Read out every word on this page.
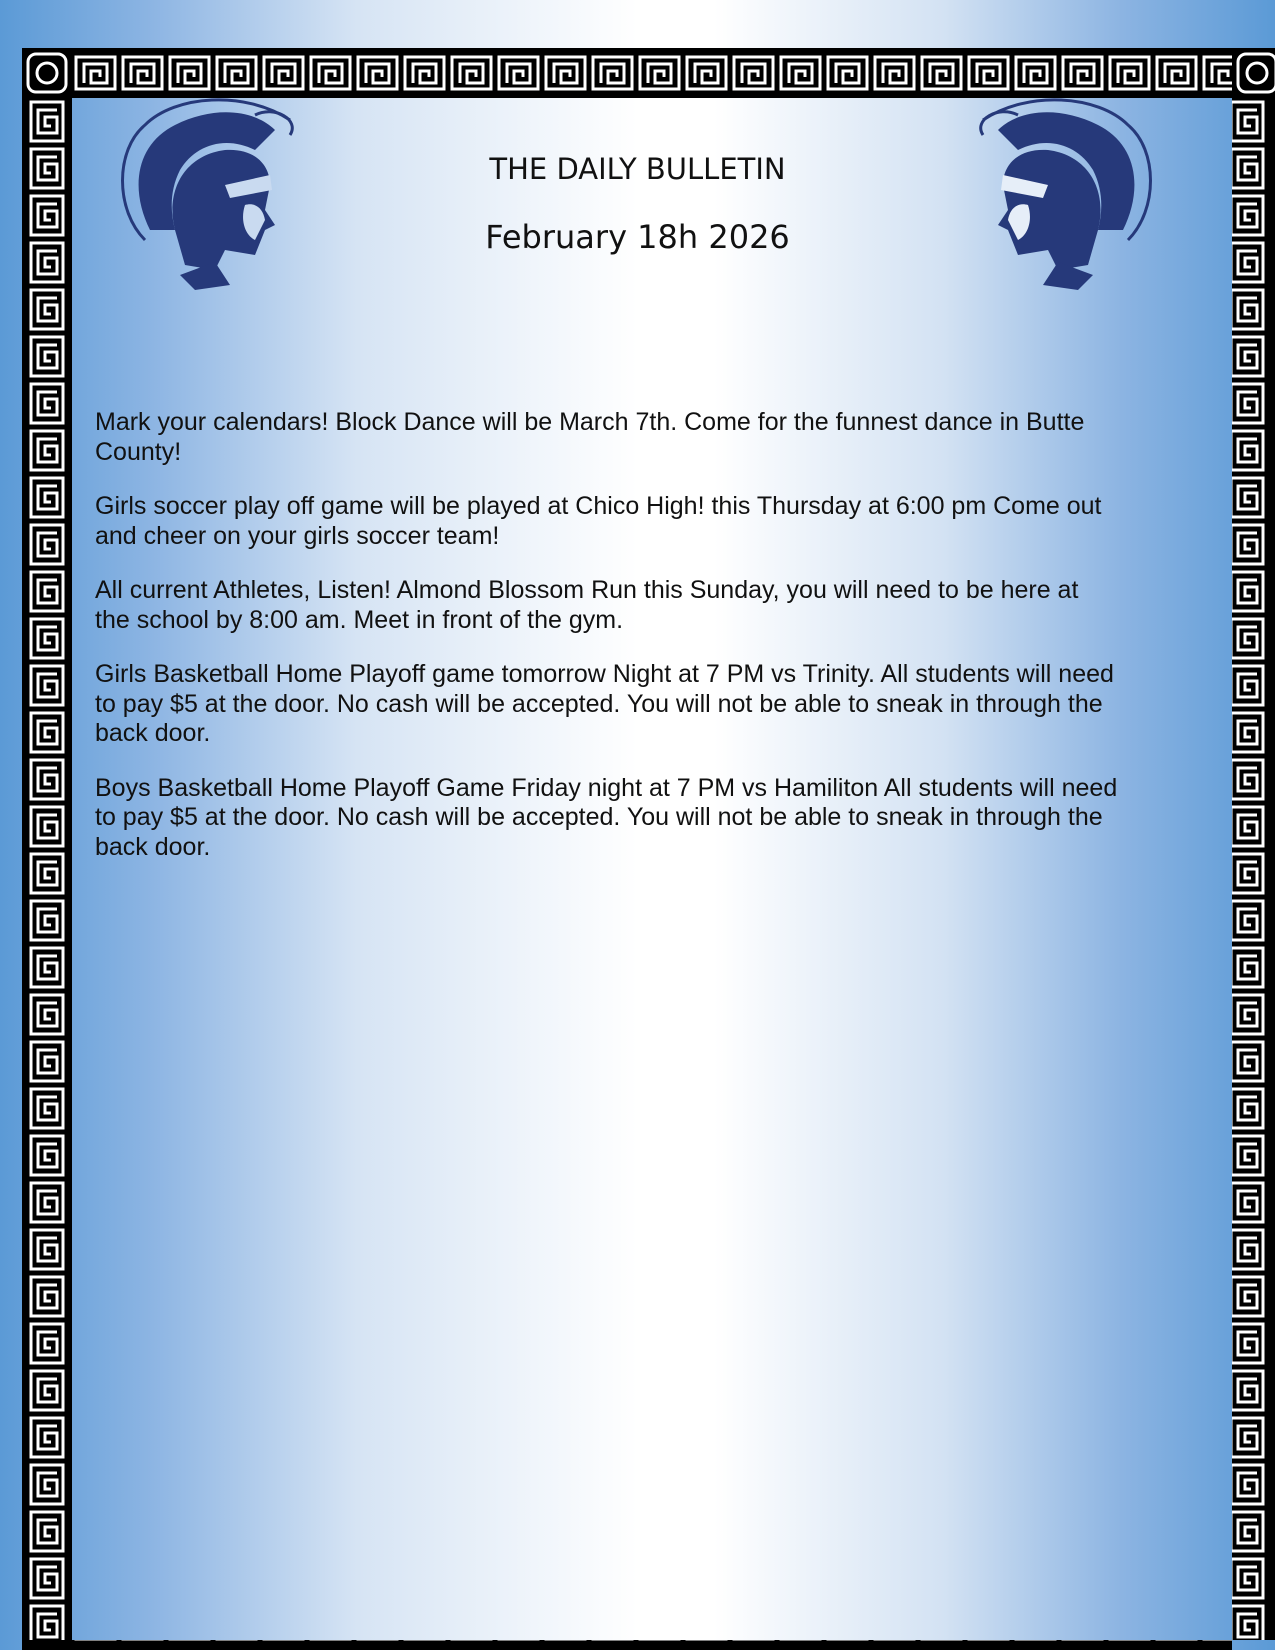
THE DAILY BULLETIN
February 18h 2026

Mark your calendars! Block Dance will be March 7th. Come for the funnest dance in Butte
County!

Girls soccer play off game will be played at Chico High! this Thursday at 6:00 pm Come out
and cheer on your girls soccer team!

All current Athletes, Listen! Almond Blossom Run this Sunday, you will need to be here at
the school by 8:00 am. Meet in front of the gym.

Girls Basketball Home Playoff game tomorrow Night at 7 PM vs Trinity. All students will need
to pay $5 at the door. No cash will be accepted. You will not be able to sneak in through the
back door.

Boys Basketball Home Playoff Game Friday night at 7 PM vs Hamiliton All students will need
to pay $5 at the door. No cash will be accepted. You will not be able to sneak in through the
back door.
